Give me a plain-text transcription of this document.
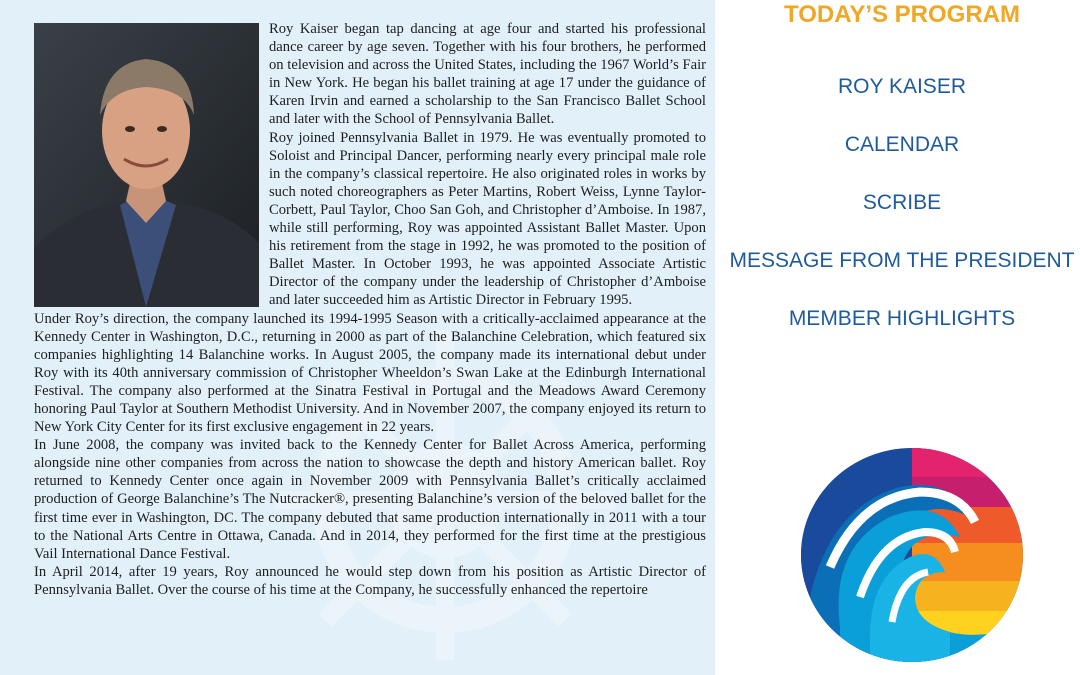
Roy Kaiser began tap dancing at age four and started his professional dance career by age seven. Together with his four brothers, he performed on television and across the United States, including the 1967 World’s Fair in New York. He began his ballet training at age 17 under the guidance of Karen Irvin and earned a scholarship to the San Francisco Ballet School and later with the School of Pennsylvania Ballet.

Roy joined Pennsylvania Ballet in 1979. He was eventually promoted to Soloist and Principal Dancer, performing nearly every principal male role in the company’s classical repertoire. He also originated roles in works by such noted choreographers as Peter Martins, Robert Weiss, Lynne Taylor-Corbett, Paul Taylor, Choo San Goh, and Christopher d’Amboise. In 1987, while still performing, Roy was appointed Assistant Ballet Master. Upon his retirement from the stage in 1992, he was promoted to the position of Ballet Master. In October 1993, he was appointed Associate Artistic Director of the company under the leadership of Christopher d’Amboise and later succeeded him as Artistic Director in February 1995.

Under Roy’s direction, the company launched its 1994-1995 Season with a critically-acclaimed appearance at the Kennedy Center in Washington, D.C., returning in 2000 as part of the Balanchine Celebration, which featured six companies highlighting 14 Balanchine works. In August 2005, the company made its international debut under Roy with its 40th anniversary commission of Christopher Wheeldon’s Swan Lake at the Edinburgh International Festival. The company also performed at the Sinatra Festival in Portugal and the Meadows Award Ceremony honoring Paul Taylor at Southern Methodist University. And in November 2007, the company enjoyed its return to New York City Center for its first exclusive engagement in 22 years.

In June 2008, the company was invited back to the Kennedy Center for Ballet Across America, performing alongside nine other companies from across the nation to showcase the depth and history American ballet. Roy returned to Kennedy Center once again in November 2009 with Pennsylvania Ballet’s critically acclaimed production of George Balanchine’s The Nutcracker®, presenting Balanchine’s version of the beloved ballet for the first time ever in Washington, DC. The company debuted that same production internationally in 2011 with a tour to the National Arts Centre in Ottawa, Canada. And in 2014, they performed for the first time at the prestigious Vail International Dance Festival.

In April 2014, after 19 years, Roy announced he would step down from his position as Artistic Director of Pennsylvania Ballet. Over the course of his time at the Company, he successfully enhanced the repertoire

TODAY’S PROGRAM
ROY KAISER
CALENDAR
SCRIBE
MESSAGE FROM THE PRESIDENT
MEMBER HIGHLIGHTS
